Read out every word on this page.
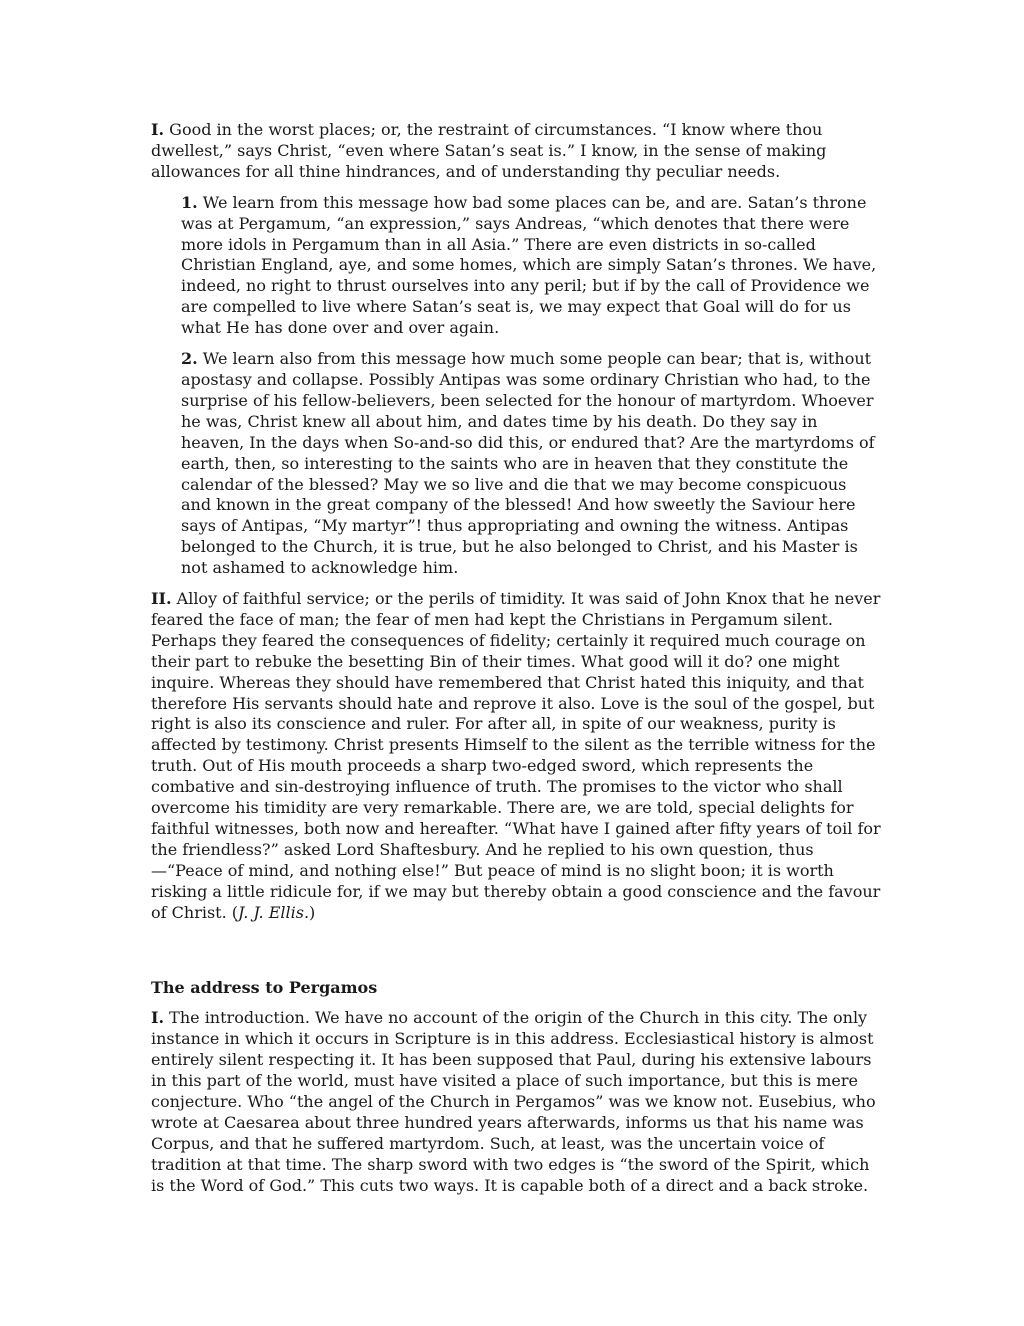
I. Good in the worst places; or, the restraint of circumstances. “I know where thou dwellest,” says Christ, “even where Satan’s seat is.” I know, in the sense of making allowances for all thine hindrances, and of understanding thy peculiar needs.

1. We learn from this message how bad some places can be, and are. Satan’s throne was at Pergamum, “an expression,” says Andreas, “which denotes that there were more idols in Pergamum than in all Asia.” There are even districts in so-called Christian England, aye, and some homes, which are simply Satan’s thrones. We have, indeed, no right to thrust ourselves into any peril; but if by the call of Providence we are compelled to live where Satan’s seat is, we may expect that Goal will do for us what He has done over and over again.

2. We learn also from this message how much some people can bear; that is, without apostasy and collapse. Possibly Antipas was some ordinary Christian who had, to the surprise of his fellow-believers, been selected for the honour of martyrdom. Whoever he was, Christ knew all about him, and dates time by his death. Do they say in heaven, In the days when So-and-so did this, or endured that? Are the martyrdoms of earth, then, so interesting to the saints who are in heaven that they constitute the calendar of the blessed? May we so live and die that we may become conspicuous and known in the great company of the blessed! And how sweetly the Saviour here says of Antipas, “My martyr”! thus appropriating and owning the witness. Antipas belonged to the Church, it is true, but he also belonged to Christ, and his Master is not ashamed to acknowledge him.

II. Alloy of faithful service; or the perils of timidity. It was said of John Knox that he never feared the face of man; the fear of men had kept the Christians in Pergamum silent. Perhaps they feared the consequences of fidelity; certainly it required much courage on their part to rebuke the besetting Bin of their times. What good will it do? one might inquire. Whereas they should have remembered that Christ hated this iniquity, and that therefore His servants should hate and reprove it also. Love is the soul of the gospel, but right is also its conscience and ruler. For after all, in spite of our weakness, purity is affected by testimony. Christ presents Himself to the silent as the terrible witness for the truth. Out of His mouth proceeds a sharp two-edged sword, which represents the combative and sin-destroying influence of truth. The promises to the victor who shall overcome his timidity are very remarkable. There are, we are told, special delights for faithful witnesses, both now and hereafter. “What have I gained after fifty years of toil for the friendless?” asked Lord Shaftesbury. And he replied to his own question, thus—“Peace of mind, and nothing else!” But peace of mind is no slight boon; it is worth risking a little ridicule for, if we may but thereby obtain a good conscience and the favour of Christ. (J. J. Ellis.)

The address to Pergamos

I. The introduction. We have no account of the origin of the Church in this city. The only instance in which it occurs in Scripture is in this address. Ecclesiastical history is almost entirely silent respecting it. It has been supposed that Paul, during his extensive labours in this part of the world, must have visited a place of such importance, but this is mere conjecture. Who “the angel of the Church in Pergamos” was we know not. Eusebius, who wrote at Caesarea about three hundred years afterwards, informs us that his name was Corpus, and that he suffered martyrdom. Such, at least, was the uncertain voice of tradition at that time. The sharp sword with two edges is “the sword of the Spirit, which is the Word of God.” This cuts two ways. It is capable both of a direct and a back stroke.
